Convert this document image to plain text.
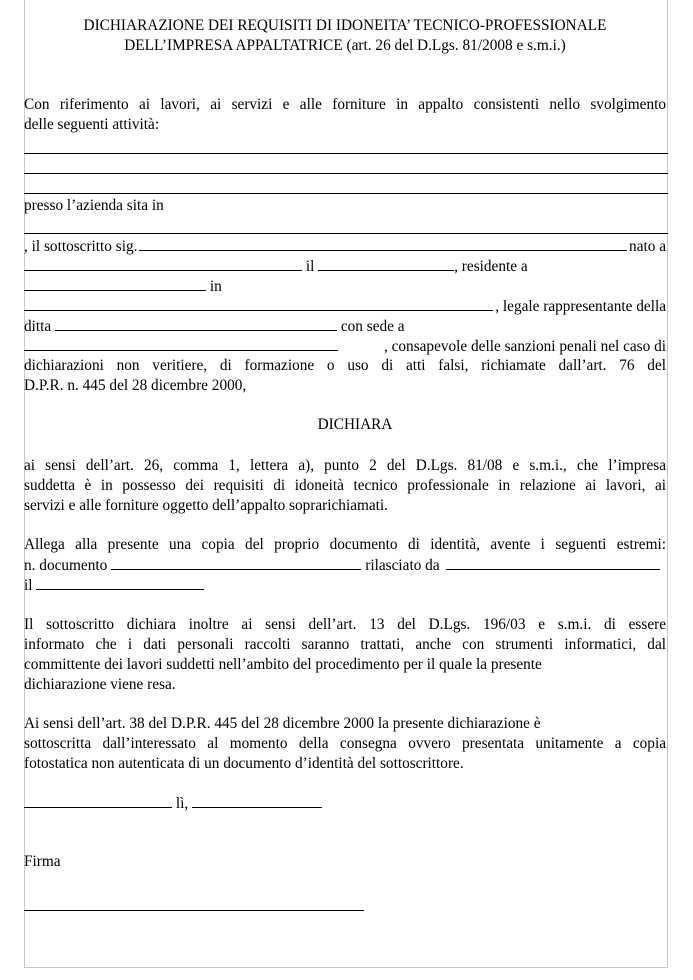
DICHIARAZIONE DEI REQUISITI DI IDONEITA’ TECNICO-PROFESSIONALE
DELL’IMPRESA APPALTATRICE (art. 26 del D.Lgs. 81/2008 e s.m.i.)
Con riferimento ai lavori, ai servizi e alle forniture in appalto consistenti nello svolgimento
delle seguenti attività:
presso l’azienda sita in
, il sottoscritto sig.	nato a
il	, residente a
in
, legale rappresentante della
ditta	con sede a
, consapevole delle sanzioni penali nel caso di
dichiarazioni non veritiere, di formazione o uso di atti falsi, richiamate dall’art. 76 del
D.P.R. n. 445 del 28 dicembre 2000,
DICHIARA
ai sensi dell’art. 26, comma 1, lettera a), punto 2 del D.Lgs. 81/08 e s.m.i., che l’impresa
suddetta è in possesso dei requisiti di idoneità tecnico professionale in relazione ai lavori, ai
servizi e alle forniture oggetto dell’appalto soprarichiamati.
Allega alla presente una copia del proprio documento di identità, avente i seguenti estremi:
n. documento	rilasciato da
il
Il sottoscritto dichiara inoltre ai sensi dell’art. 13 del D.Lgs. 196/03 e s.m.i. di essere
informato che i dati personali raccolti saranno trattati, anche con strumenti informatici, dal
committente dei lavori suddetti nell’ambito del procedimento per il quale la presente
dichiarazione viene resa.
Ai sensi dell’art. 38 del D.P.R. 445 del 28 dicembre 2000 la presente dichiarazione è
sottoscritta dall’interessato al momento della consegna ovvero presentata unitamente a copia
fotostatica non autenticata di un documento d’identità del sottoscrittore.
lì,
Firma
